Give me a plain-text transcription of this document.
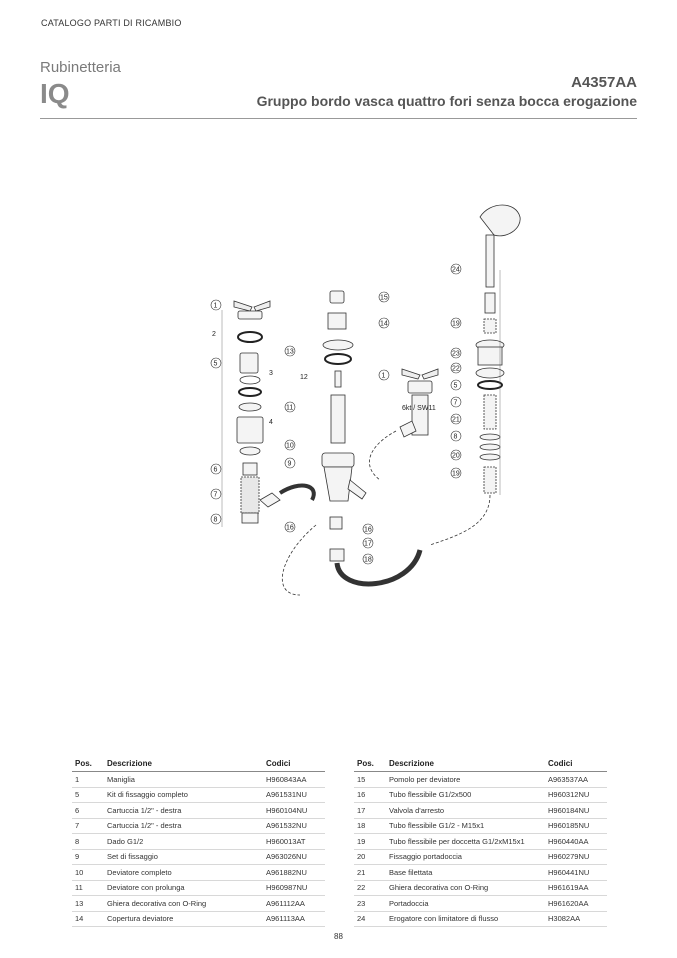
CATALOGO PARTI DI RICAMBIO
Rubinetteria
IQ	A4357AA
Gruppo bordo vasca quattro fori senza bocca erogazione
1
2
3
4
5
6
7
8
13
12
11
10
9
15
14
16	16
17
18
1
5
7
21
8
20
19
24
19
23
22
6kt / SW11
Pos.	Descrizione	Codici
1	Maniglia	H960843AA
5	Kit di fissaggio completo	A961531NU
6	Cartuccia 1/2" - destra	H960104NU
7	Cartuccia 1/2" - destra	A961532NU
8	Dado G1/2	H960013AT
9	Set di fissaggio	A963026NU
10	Deviatore completo	A961882NU
11	Deviatore con prolunga	H960987NU
13	Ghiera decorativa con O-Ring	A961112AA
14	Copertura deviatore	A961113AA
Pos.	Descrizione	Codici
15	Pomolo per deviatore	A963537AA
16	Tubo flessibile G1/2x500	H960312NU
17	Valvola d'arresto	H960184NU
18	Tubo flessibile G1/2 - M15x1	H960185NU
19	Tubo flessibile per doccetta G1/2xM15x1	H960440AA
20	Fissaggio portadoccia	H960279NU
21	Base filettata	H960441NU
22	Ghiera decorativa con O-Ring	H961619AA
23	Portadoccia	H961620AA
24	Erogatore con limitatore di flusso	H3082AA
88
